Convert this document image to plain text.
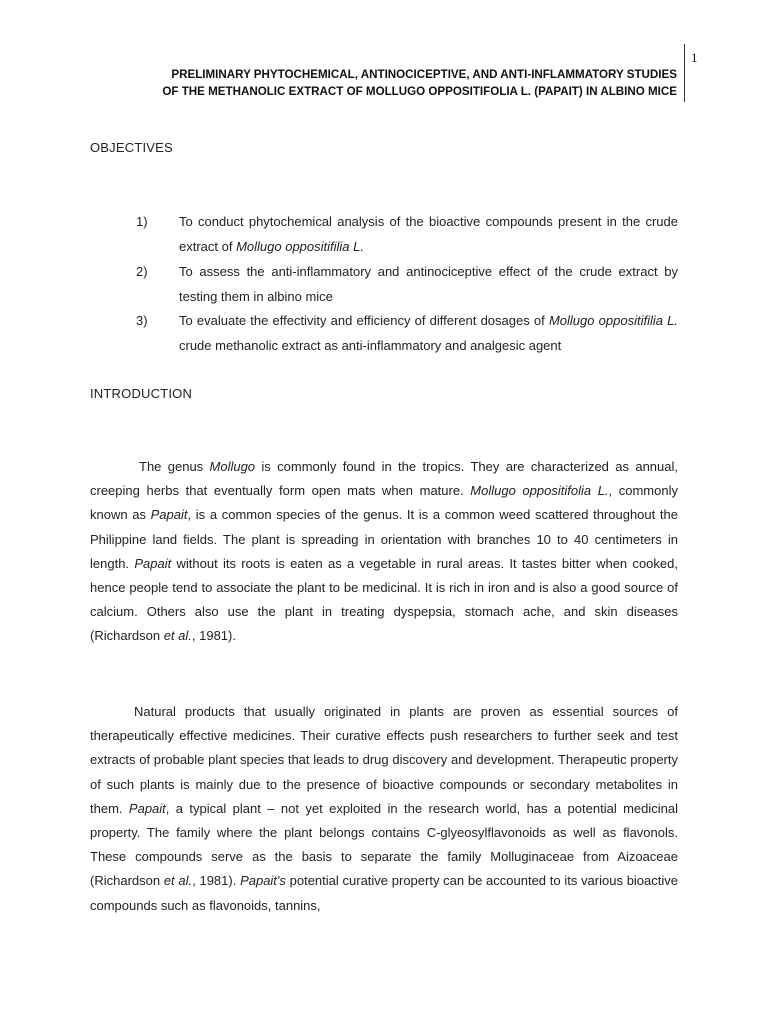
1
PRELIMINARY PHYTOCHEMICAL, ANTINOCICEPTIVE, AND ANTI-INFLAMMATORY STUDIES
OF THE METHANOLIC EXTRACT OF MOLLUGO OPPOSITIFOLIA L. (PAPAIT) IN ALBINO MICE
OBJECTIVES
1) To conduct phytochemical analysis of the bioactive compounds present in the crude extract of Mollugo oppositifilia L.
2) To assess the anti-inflammatory and antinociceptive effect of the crude extract by testing them in albino mice
3) To evaluate the effectivity and efficiency of different dosages of Mollugo oppositifilia L. crude methanolic extract as anti-inflammatory and analgesic agent
INTRODUCTION

The genus Mollugo is commonly found in the tropics. They are characterized as annual, creeping herbs that eventually form open mats when mature. Mollugo oppositifolia L., commonly known as Papait, is a common species of the genus. It is a common weed scattered throughout the Philippine land fields. The plant is spreading in orientation with branches 10 to 40 centimeters in length. Papait without its roots is eaten as a vegetable in rural areas. It tastes bitter when cooked, hence people tend to associate the plant to be medicinal. It is rich in iron and is also a good source of calcium. Others also use the plant in treating dyspepsia, stomach ache, and skin diseases (Richardson et al., 1981).

Natural products that usually originated in plants are proven as essential sources of therapeutically effective medicines. Their curative effects push researchers to further seek and test extracts of probable plant species that leads to drug discovery and development. Therapeutic property of such plants is mainly due to the presence of bioactive compounds or secondary metabolites in them. Papait, a typical plant – not yet exploited in the research world, has a potential medicinal property. The family where the plant belongs contains C-glyeosylflavonoids as well as flavonols. These compounds serve as the basis to separate the family Molluginaceae from Aizoaceae (Richardson et al., 1981). Papait's potential curative property can be accounted to its various bioactive compounds such as flavonoids, tannins,
